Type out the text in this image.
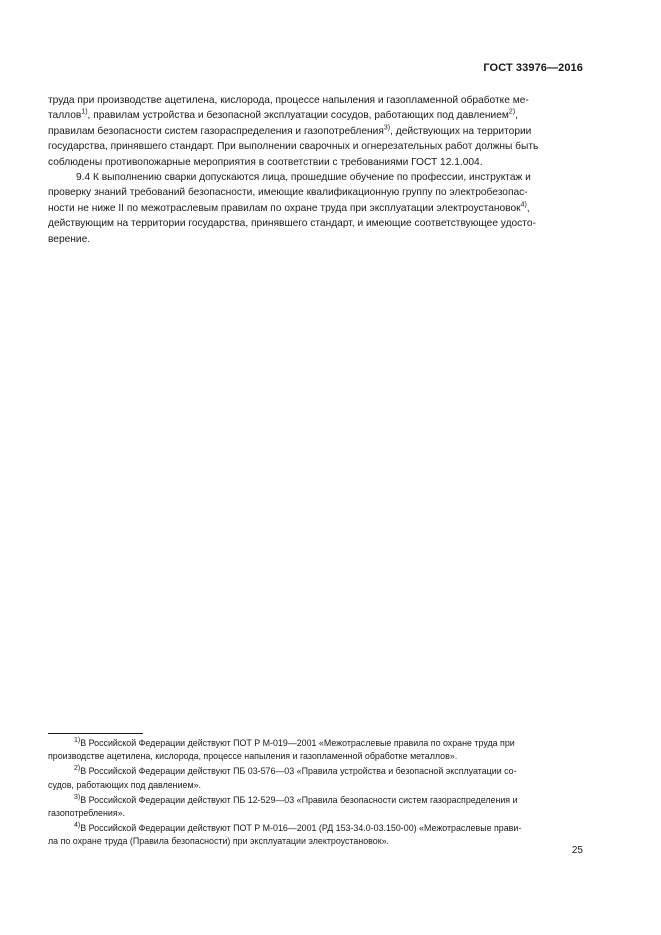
ГОСТ 33976—2016

труда при производстве ацетилена, кислорода, процессе напыления и газопламенной обработке ме-

таллов$^{1)}$, правилам устройства и безопасной эксплуатации сосудов, работающих под давлением$^{2)}$,

правилам безопасности систем газораспределения и газопотребления$^{3)}$, действующих на территории

государства, принявшего стандарт. При выполнении сварочных и огнерезательных работ должны быть

соблюдены противопожарные мероприятия в соответствии с требованиями ГОСТ 12.1.004.

9.4 К выполнению сварки допускаются лица, прошедшие обучение по профессии, инструктаж и

проверку знаний требований безопасности, имеющие квалификационную группу по электробезопас-

ности не ниже II по межотраслевым правилам по охране труда при эксплуатации электроустановок$^{4)}$,

действующим на территории государства, принявшего стандарт, и имеющие соответствующее удосто-

верение.

$^{1)}$В Российской Федерации действуют ПОТ Р М-019—2001 «Межотраслевые правила по охране труда при
производстве ацетилена, кислорода, процессе напыления и газопламенной обработке металлов».

$^{2)}$В Российской Федерации действуют ПБ 03-576—03 «Правила устройства и безопасной эксплуатации со-
судов, работающих под давлением».

$^{3)}$В Российской Федерации действуют ПБ 12-529—03 «Правила безопасности систем газораспределения и
газопотребления».

$^{4)}$В Российской Федерации действуют ПОТ Р М-016—2001 (РД 153-34.0-03.150-00) «Межотраслевые прави-
ла по охране труда (Правила безопасности) при эксплуатации электроустановок».

25
